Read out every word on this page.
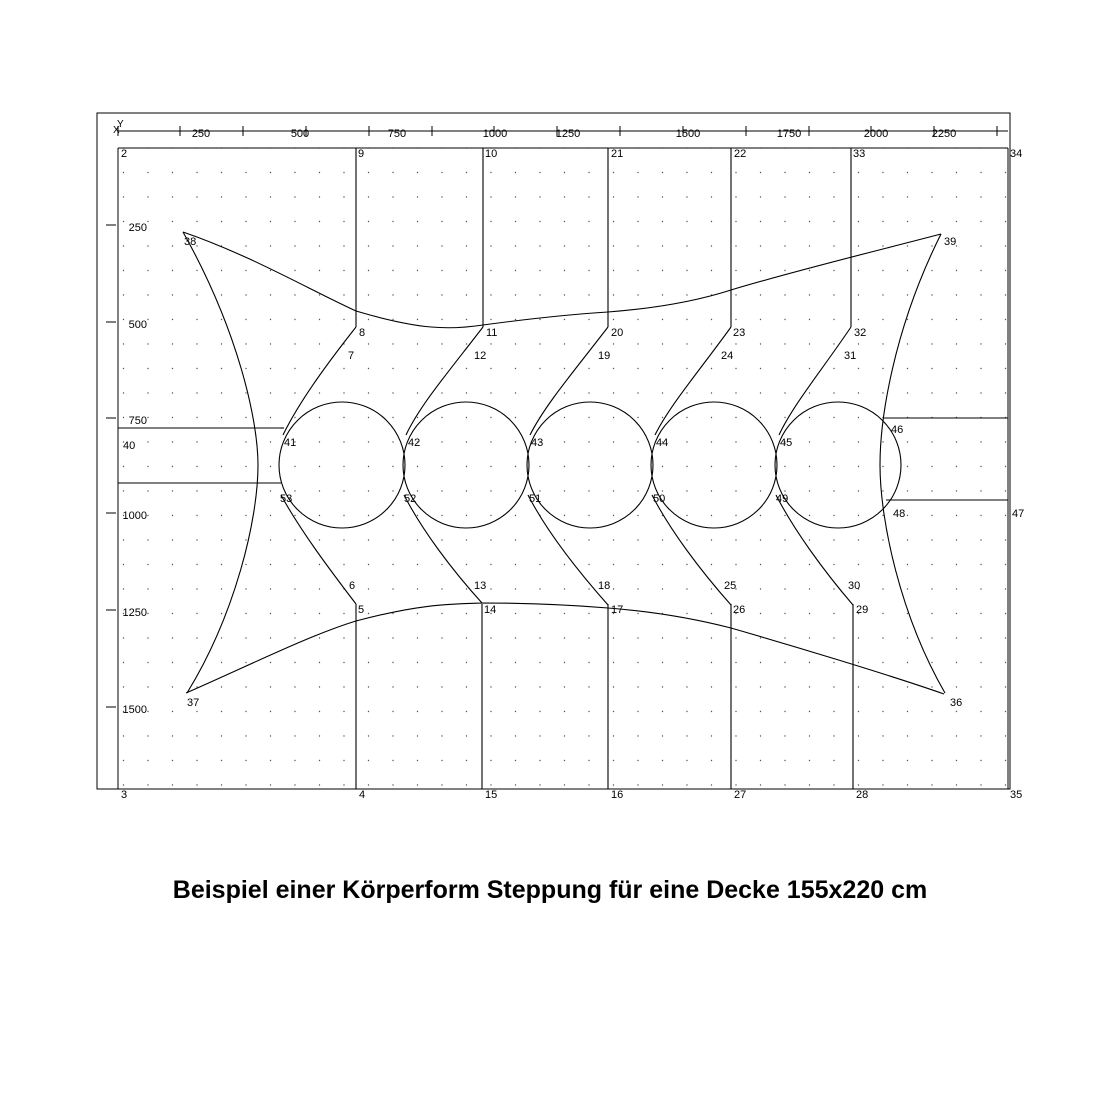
250	500	750	1000	1250	1500	1750	2000	2250
250
500
750
1000
1250
1500
X
Y
2	9	10	21	22	33	34
38	39
8	11	20	23	32
7	12	19	24	31
40	41	42	43	44	45
46
53	52	51	50	49
48	47
6	13	18	25	30
5	14	17	26	29
37	36
3	4	15	16	27	28	35
Beispiel einer Körperform Steppung für eine Decke 155x220 cm
